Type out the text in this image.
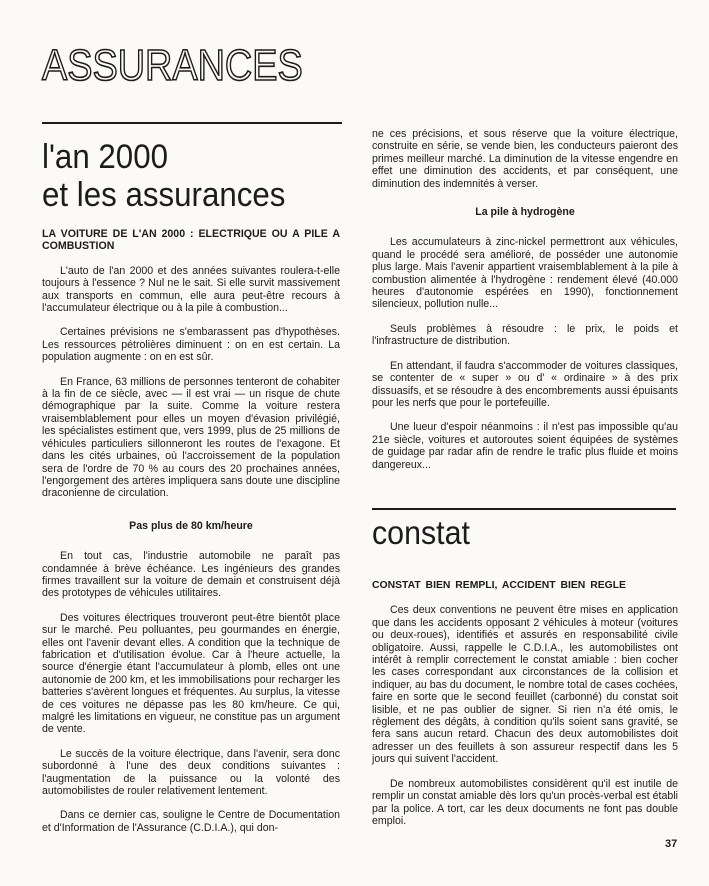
ASSURANCES
l'an 2000
et les assurances
LA VOITURE DE L'AN 2000 : ELECTRIQUE OU A PILE A COMBUSTION

L'auto de l'an 2000 et des années suivantes roulera-t-elle toujours à l'essence ? Nul ne le sait. Si elle survit massivement aux transports en commun, elle aura peut-être recours à l'accumulateur électrique ou à la pile à combustion...

Certaines prévisions ne s'embarassent pas d'hypothèses. Les ressources pétrolières diminuent : on en est certain. La population augmente : on en est sûr.

En France, 63 millions de personnes tenteront de cohabiter à la fin de ce siècle, avec — il est vrai — un risque de chute démographique par la suite. Comme la voiture restera vraisemblablement pour elles un moyen d'évasion privilégié, les spécialistes estiment que, vers 1999, plus de 25 millions de véhicules particuliers sillonneront les routes de l'exagone. Et dans les cités urbaines, où l'accroissement de la population sera de l'ordre de 70 % au cours des 20 prochaines années, l'engorgement des artères impliquera sans doute une discipline draconienne de circulation.

Pas plus de 80 km/heure

En tout cas, l'industrie automobile ne paraît pas condamnée à brève échéance. Les ingénieurs des grandes firmes travaillent sur la voiture de demain et construisent déjà des prototypes de véhicules utilitaires.

Des voitures électriques trouveront peut-être bientôt place sur le marché. Peu polluantes, peu gourmandes en énergie, elles ont l'avenir devant elles. A condition que la technique de fabrication et d'utilisation évolue. Car à l'heure actuelle, la source d'énergie étant l'accumulateur à plomb, elles ont une autonomie de 200 km, et les immobilisations pour recharger les batteries s'avèrent longues et fréquentes. Au surplus, la vitesse de ces voitures ne dépasse pas les 80 km/heure. Ce qui, malgré les limitations en vigueur, ne constitue pas un argument de vente.

Le succès de la voiture électrique, dans l'avenir, sera donc subordonné à l'une des deux conditions suivantes : l'augmentation de la puissance ou la volonté des automobilistes de rouler relativement lentement.

Dans ce dernier cas, souligne le Centre de Documentation et d'Information de l'Assurance (C.D.I.A.), qui don-

ne ces précisions, et sous réserve que la voiture électrique, construite en série, se vende bien, les conducteurs paieront des primes meilleur marché. La diminution de la vitesse engendre en effet une diminution des accidents, et par conséquent, une diminution des indemnités à verser.

La pile à hydrogène

Les accumulateurs à zinc-nickel permettront aux véhicules, quand le procédé sera amélioré, de posséder une autonomie plus large. Mais l'avenir appartient vraisemblablement à la pile à combustion alimentée à l'hydrogène : rendement élevé (40.000 heures d'autonomie espérées en 1990), fonctionnement silencieux, pollution nulle...

Seuls problèmes à résoudre : le prix, le poids et l'infrastructure de distribution.

En attendant, il faudra s'accommoder de voitures classiques, se contenter de « super » ou d' « ordinaire » à des prix dissuasifs, et se résoudre à des encombrements aussi épuisants pour les nerfs que pour le portefeuille.

Une lueur d'espoir néanmoins : il n'est pas impossible qu'au 21e siècle, voitures et autoroutes soient équipées de systèmes de guidage par radar afin de rendre le trafic plus fluide et moins dangereux...

constat
CONSTAT BIEN REMPLI, ACCIDENT BIEN REGLE

Ces deux conventions ne peuvent être mises en application que dans les accidents opposant 2 véhicules à moteur (voitures ou deux-roues), identifiés et assurés en responsabilité civile obligatoire. Aussi, rappelle le C.D.I.A., les automobilistes ont intérêt à remplir correctement le constat amiable : bien cocher les cases correspondant aux circonstances de la collision et indiquer, au bas du document, le nombre total de cases cochées, faire en sorte que le second feuillet (carbonné) du constat soit lisible, et ne pas oublier de signer. Si rien n'a été omis, le règlement des dégâts, à condition qu'ils soient sans gravité, se fera sans aucun retard. Chacun des deux automobilistes doit adresser un des feuillets à son assureur respectif dans les 5 jours qui suivent l'accident.

De nombreux automobilistes considèrent qu'il est inutile de remplir un constat amiable dès lors qu'un procès-verbal est établi par la police. A tort, car les deux documents ne font pas double emploi.

37
